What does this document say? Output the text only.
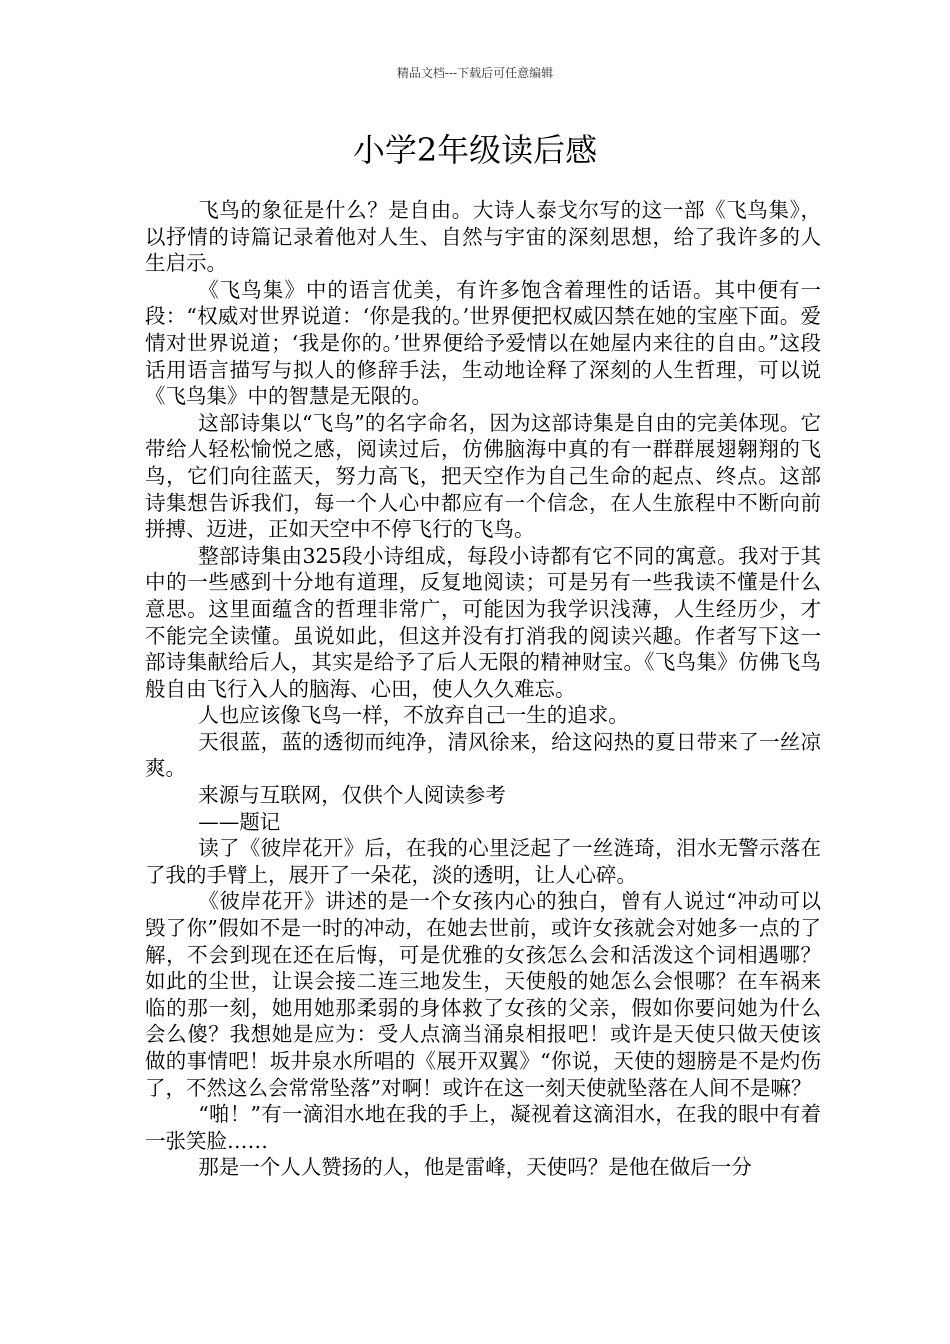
精品文档---下载后可任意编辑
小学2年级读后感

飞鸟的象征是什么？是自由。大诗人泰戈尔写的这一部《飞鸟集》，以抒情的诗篇记录着他对人生、自然与宇宙的深刻思想，给了我许多的人生启示。

《飞鸟集》中的语言优美，有许多饱含着理性的话语。其中便有一段：“权威对世界说道：‘你是我的。’世界便把权威囚禁在她的宝座下面。爱情对世界说道；‘我是你的。’世界便给予爱情以在她屋内来往的自由。”这段话用语言描写与拟人的修辞手法，生动地诠释了深刻的人生哲理，可以说《飞鸟集》中的智慧是无限的。

这部诗集以“飞鸟”的名字命名，因为这部诗集是自由的完美体现。它带给人轻松愉悦之感，阅读过后，仿佛脑海中真的有一群群展翅翱翔的飞鸟，它们向往蓝天，努力高飞，把天空作为自己生命的起点、终点。这部诗集想告诉我们，每一个人心中都应有一个信念，在人生旅程中不断向前拼搏、迈进，正如天空中不停飞行的飞鸟。

整部诗集由325段小诗组成，每段小诗都有它不同的寓意。我对于其中的一些感到十分地有道理，反复地阅读；可是另有一些我读不懂是什么意思。这里面蕴含的哲理非常广，可能因为我学识浅薄，人生经历少，才不能完全读懂。虽说如此，但这并没有打消我的阅读兴趣。作者写下这一部诗集献给后人，其实是给予了后人无限的精神财宝。《飞鸟集》仿佛飞鸟般自由飞行入人的脑海、心田，使人久久难忘。

人也应该像飞鸟一样，不放弃自己一生的追求。

天很蓝，蓝的透彻而纯净，清风徐来，给这闷热的夏日带来了一丝凉爽。

来源与互联网，仅供个人阅读参考

——题记

读了《彼岸花开》后，在我的心里泛起了一丝涟琦，泪水无警示落在了我的手臂上，展开了一朵花，淡的透明，让人心碎。

《彼岸花开》讲述的是一个女孩内心的独白，曾有人说过“冲动可以毁了你”假如不是一时的冲动，在她去世前，或许女孩就会对她多一点的了解，不会到现在还在后悔，可是优雅的女孩怎么会和活泼这个词相遇哪？如此的尘世，让误会接二连三地发生，天使般的她怎么会恨哪？在车祸来临的那一刻，她用她那柔弱的身体救了女孩的父亲，假如你要问她为什么会么傻？我想她是应为：受人点滴当涌泉相报吧！或许是天使只做天使该做的事情吧！坂井泉水所唱的《展开双翼》“你说，天使的翅膀是不是灼伤了，不然这么会常常坠落”对啊！或许在这一刻天使就坠落在人间不是嘛？

“啪！”有一滴泪水地在我的手上，凝视着这滴泪水，在我的眼中有着一张笑脸……

那是一个人人赞扬的人，他是雷峰，天使吗？是他在做后一分
